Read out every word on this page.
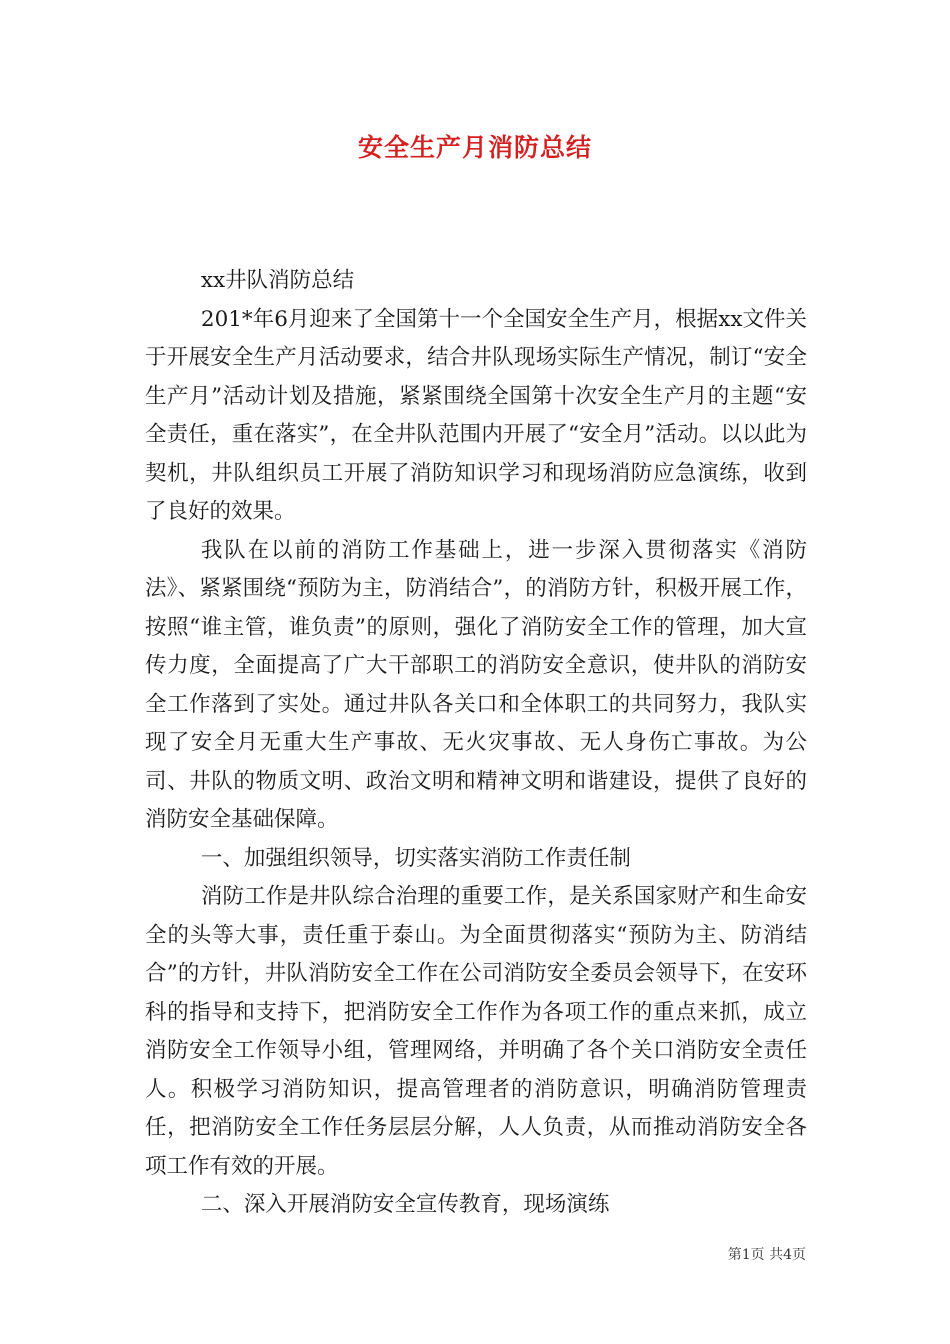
安全生产月消防总结

xx井队消防总结

201*年6月迎来了全国第十一个全国安全生产月，根据xx文件关于开展安全生产月活动要求，结合井队现场实际生产情况，制订“安全生产月”活动计划及措施，紧紧围绕全国第十次安全生产月的主题“安全责任，重在落实”，在全井队范围内开展了“安全月”活动。以以此为契机，井队组织员工开展了消防知识学习和现场消防应急演练，收到了良好的效果。

我队在以前的消防工作基础上，进一步深入贯彻落实《消防法》、紧紧围绕“预防为主，防消结合”，的消防方针，积极开展工作，按照“谁主管，谁负责”的原则，强化了消防安全工作的管理，加大宣传力度，全面提高了广大干部职工的消防安全意识，使井队的消防安全工作落到了实处。通过井队各关口和全体职工的共同努力，我队实现了安全月无重大生产事故、无火灾事故、无人身伤亡事故。为公司、井队的物质文明、政治文明和精神文明和谐建设，提供了良好的消防安全基础保障。

一、加强组织领导，切实落实消防工作责任制

消防工作是井队综合治理的重要工作，是关系国家财产和生命安全的头等大事，责任重于泰山。为全面贯彻落实“预防为主、防消结合”的方针，井队消防安全工作在公司消防安全委员会领导下，在安环科的指导和支持下，把消防安全工作作为各项工作的重点来抓，成立消防安全工作领导小组，管理网络，并明确了各个关口消防安全责任人。积极学习消防知识，提高管理者的消防意识，明确消防管理责任，把消防安全工作任务层层分解，人人负责，从而推动消防安全各项工作有效的开展。

二、深入开展消防安全宣传教育，现场演练

第1页 共4页
